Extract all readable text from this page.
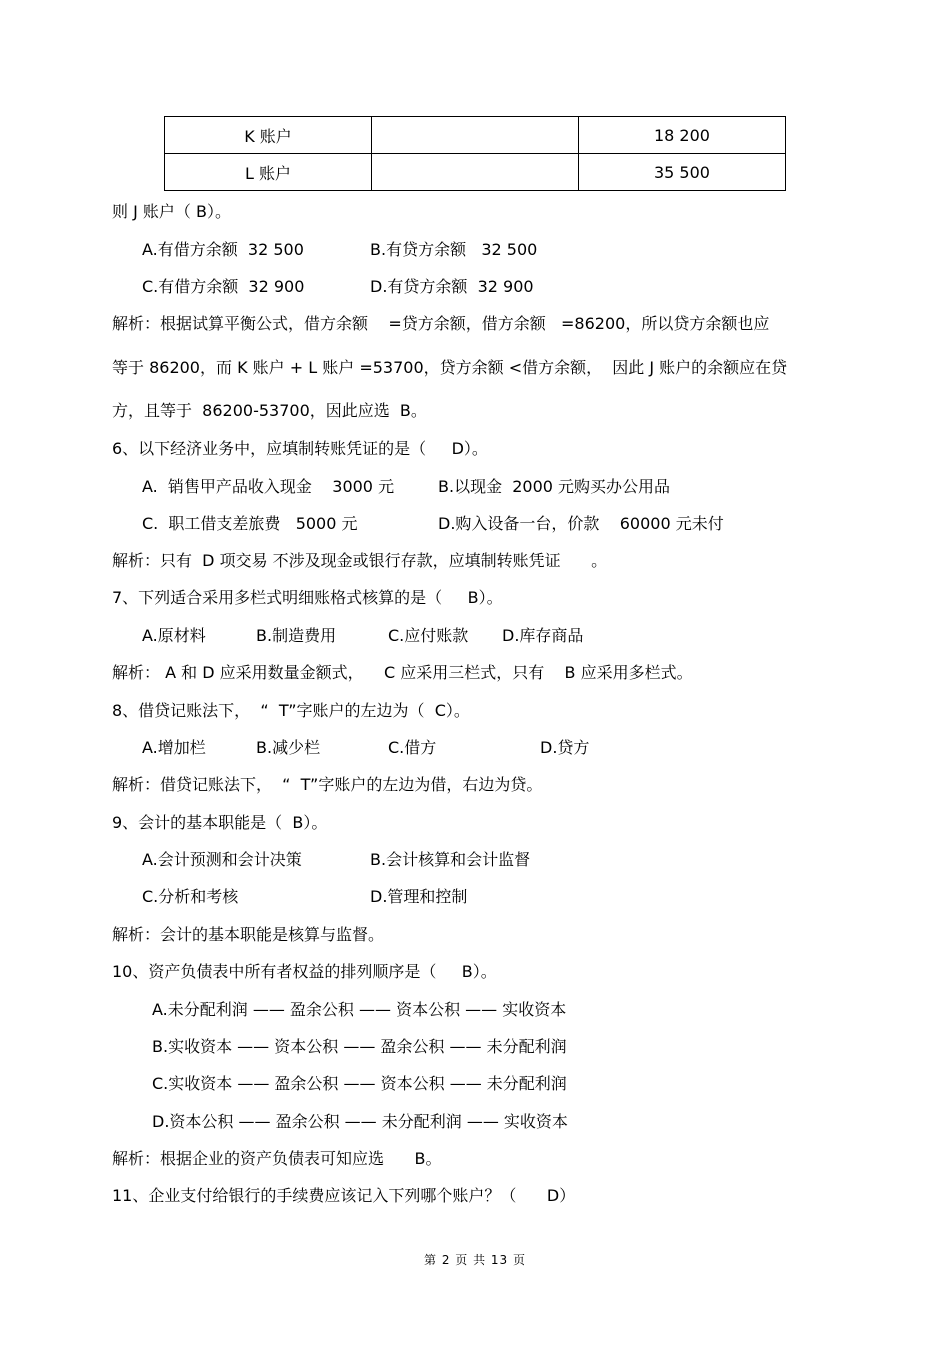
K 账户		18 200
L 账户		35 500
则 J 账户（ B）。
A.有借方余额  32 500	B.有贷方余额   32 500
C.有借方余额  32 900	D.有贷方余额  32 900
解析：根据试算平衡公式，借方余额    =贷方余额，借方余额   =86200，所以贷方余额也应
等于 86200，而 K 账户 + L 账户 =53700，贷方余额 <借方余额，  因此 J 账户的余额应在贷
方，且等于  86200-53700，因此应选  B。
6、以下经济业务中，应填制转账凭证的是（     D）。
A.  销售甲产品收入现金    3000 元	B.以现金  2000 元购买办公用品
C.  职工借支差旅费   5000 元	D.购入设备一台，价款    60000 元未付
解析：只有  D 项交易 不涉及现金或银行存款，应填制转账凭证      。
7、下列适合采用多栏式明细账格式核算的是（     B）。
A.原材料	B.制造费用	C.应付账款 D.库存商品
解析： A 和 D 应采用数量金额式，    C 应采用三栏式，只有    B 应采用多栏式。
8、借贷记账法下，  “  T”字账户的左边为（  C）。
A.增加栏	B.减少栏	C.借方	D.贷方
解析：借贷记账法下，  “  T”字账户的左边为借，右边为贷。
9、会计的基本职能是（  B）。
A.会计预测和会计决策	B.会计核算和会计监督
C.分析和考核	D.管理和控制
解析：会计的基本职能是核算与监督。
10、资产负债表中所有者权益的排列顺序是（     B）。
A.未分配利润 —— 盈余公积 —— 资本公积 —— 实收资本
B.实收资本 —— 资本公积 —— 盈余公积 —— 未分配利润
C.实收资本 —— 盈余公积 —— 资本公积 —— 未分配利润
D.资本公积 —— 盈余公积 —— 未分配利润 —— 实收资本
解析：根据企业的资产负债表可知应选      B。
11、企业支付给银行的手续费应该记入下列哪个账户？（      D）
第 2 页 共 13 页
